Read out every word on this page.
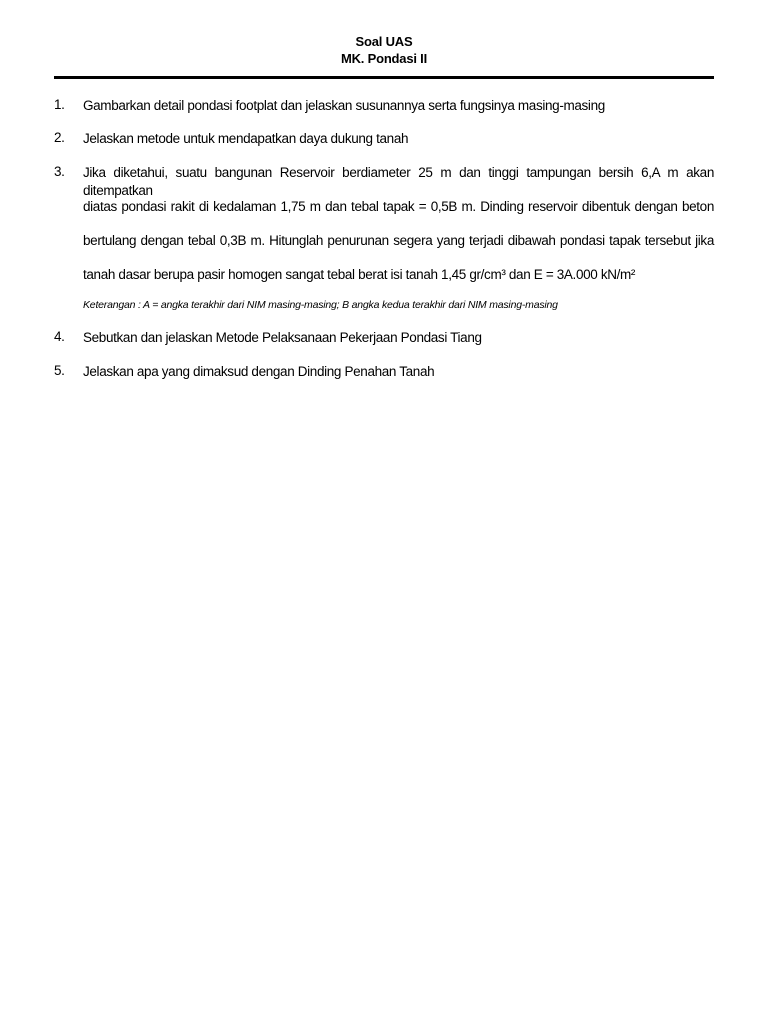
Soal UAS
MK. Pondasi II
1.	Gambarkan detail pondasi footplat dan jelaskan susunannya serta fungsinya masing-masing
2.	Jelaskan metode untuk mendapatkan daya dukung tanah
3.	Jika diketahui, suatu bangunan Reservoir berdiameter 25 m dan tinggi tampungan bersih 6,A m akan ditempatkan
diatas pondasi rakit di kedalaman 1,75 m dan tebal tapak = 0,5B m. Dinding reservoir dibentuk dengan beton
bertulang dengan tebal 0,3B m. Hitunglah penurunan segera yang terjadi dibawah pondasi tapak tersebut jika
tanah dasar berupa pasir homogen sangat tebal berat isi tanah 1,45 gr/cm³ dan E = 3A.000 kN/m²
Keterangan : A = angka terakhir dari NIM masing-masing; B angka kedua terakhir dari NIM masing-masing
4.	Sebutkan dan jelaskan Metode Pelaksanaan Pekerjaan Pondasi Tiang
5.	Jelaskan apa yang dimaksud dengan Dinding Penahan Tanah
